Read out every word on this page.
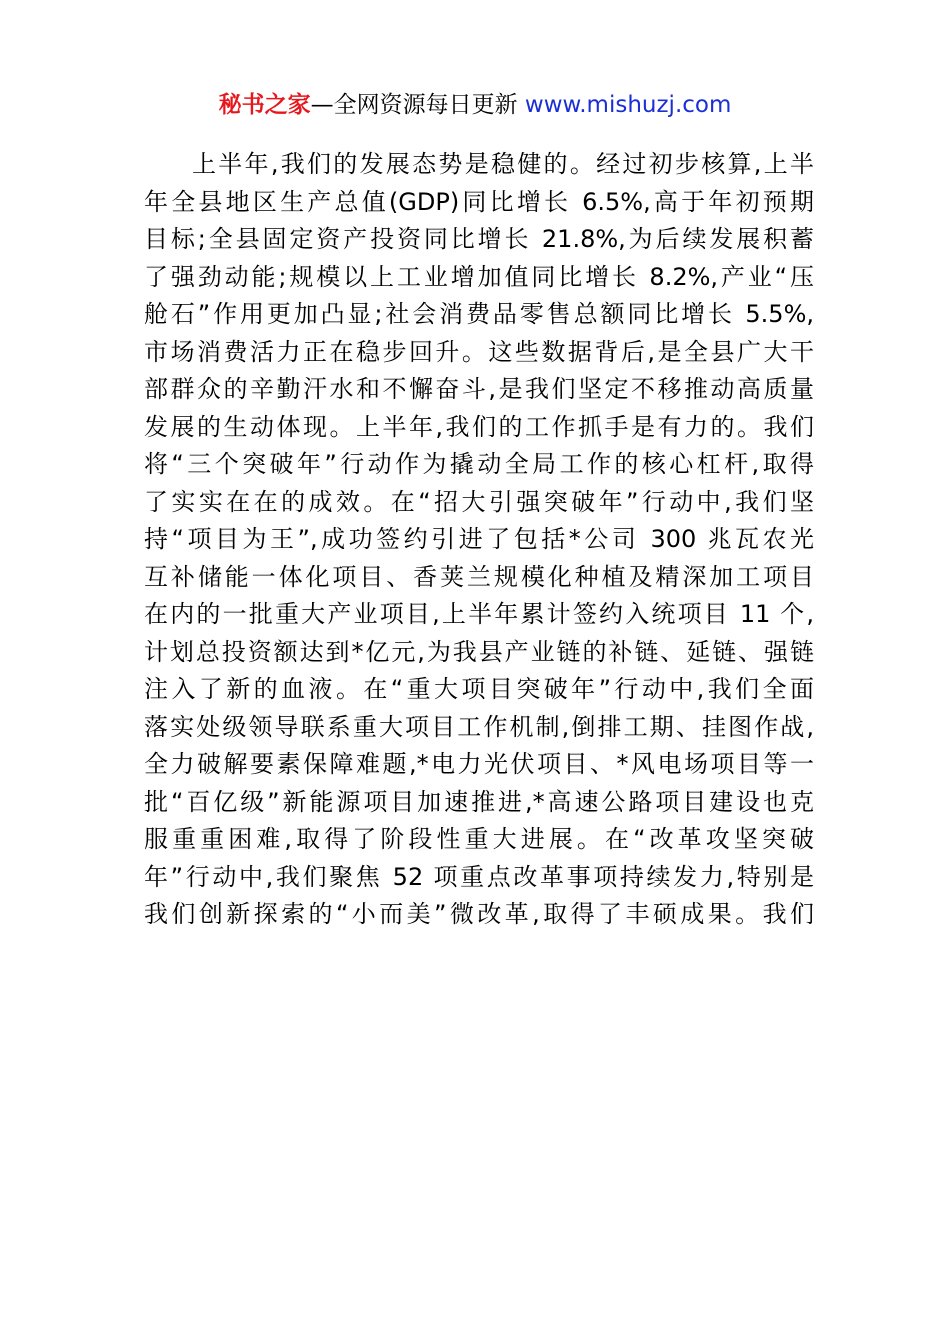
秘书之家—全网资源每日更新 www.mishuzj.com
上半年,我们的发展态势是稳健的。经过初步核算,上半
年全县地区生产总值(GDP)同比增长 6.5%,高于年初预期
目标;全县固定资产投资同比增长 21.8%,为后续发展积蓄
了强劲动能;规模以上工业增加值同比增长 8.2%,产业“压
舱石”作用更加凸显;社会消费品零售总额同比增长 5.5%,
市场消费活力正在稳步回升。这些数据背后,是全县广大干
部群众的辛勤汗水和不懈奋斗,是我们坚定不移推动高质量
发展的生动体现。上半年,我们的工作抓手是有力的。我们
将“三个突破年”行动作为撬动全局工作的核心杠杆,取得
了实实在在的成效。在“招大引强突破年”行动中,我们坚
持“项目为王”,成功签约引进了包括*公司 300 兆瓦农光
互补储能一体化项目、香荚兰规模化种植及精深加工项目
在内的一批重大产业项目,上半年累计签约入统项目 11 个,
计划总投资额达到*亿元,为我县产业链的补链、延链、强链
注入了新的血液。在“重大项目突破年”行动中,我们全面
落实处级领导联系重大项目工作机制,倒排工期、挂图作战,
全力破解要素保障难题,*电力光伏项目、*风电场项目等一
批“百亿级”新能源项目加速推进,*高速公路项目建设也克
服重重困难,取得了阶段性重大进展。在“改革攻坚突破
年”行动中,我们聚焦 52 项重点改革事项持续发力,特别是
我们创新探索的“小而美”微改革,取得了丰硕成果。我们
